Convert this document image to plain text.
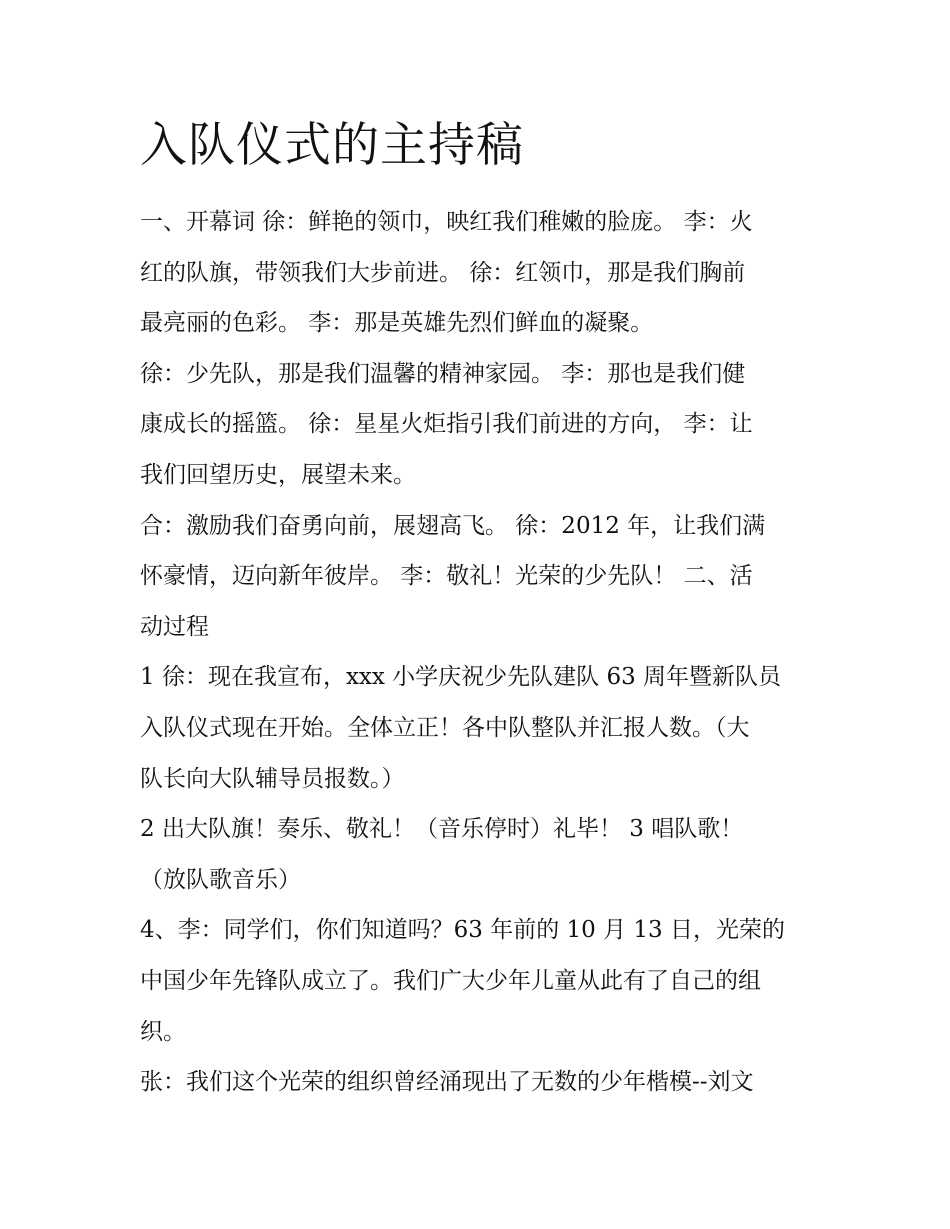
入队仪式的主持稿

一、开幕词 徐：鲜艳的领巾，映红我们稚嫩的脸庞。 李：火
红的队旗，带领我们大步前进。 徐：红领巾，那是我们胸前
最亮丽的色彩。 李：那是英雄先烈们鲜血的凝聚。

徐：少先队，那是我们温馨的精神家园。 李：那也是我们健
康成长的摇篮。 徐：星星火炬指引我们前进的方向， 李：让
我们回望历史，展望未来。

合：激励我们奋勇向前，展翅高飞。 徐：2012 年，让我们满
怀豪情，迈向新年彼岸。 李：敬礼！光荣的少先队！ 二、活
动过程

1 徐：现在我宣布，xxx 小学庆祝少先队建队 63 周年暨新队员
入队仪式现在开始。全体立正！各中队整队并汇报人数。（大
队长向大队辅导员报数。）

2 出大队旗！奏乐、敬礼！（音乐停时）礼毕！ 3 唱队歌！
（放队歌音乐）

4、李：同学们，你们知道吗？63 年前的 10 月 13 日，光荣的
中国少年先锋队成立了。我们广大少年儿童从此有了自己的组
织。

张：我们这个光荣的组织曾经涌现出了无数的少年楷模--刘文
